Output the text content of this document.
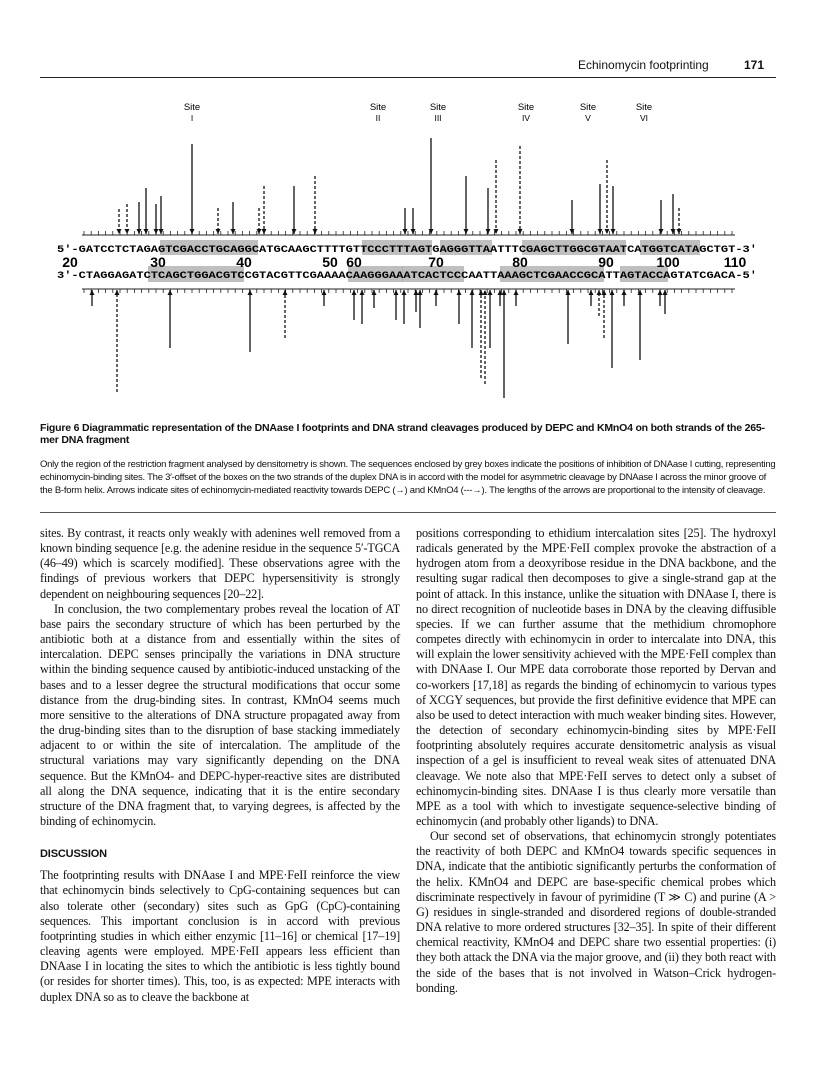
Echinomycin footprinting	171
Site
I
Site
II
Site
III
Site
IV
Site
V
Site
VI
5′-GATCCTCTAGAGTCGACCTGCAGGCATGCAAGCTTTTGTTCCCTTTAGTGAGGGTTAATTTCGAGCTTGGCGTAATCATGGTCATAGCTGT-3′
3′-CTAGGAGATCTCAGCTGGACGTCCGTACGTTCGAAAACAAGGGAAATCACTCCCAATTAAAGCTCGAACCGCATTAGTACCAGTATCGACA-5′
20	30	40	50 60	70	80	90	100	110
Figure 6 Diagrammatic representation of the DNAase I footprints and DNA strand cleavages produced by DEPC and KMnO4 on both strands of the 265-mer DNA fragment
Only the region of the restriction fragment analysed by densitometry is shown. The sequences enclosed by grey boxes indicate the positions of inhibition of DNAase I cutting, representing echinomycin-binding sites. The 3′-offset of the boxes on the two strands of the duplex DNA is in accord with the model for asymmetric cleavage by DNAase I across the minor groove of the B-form helix. Arrows indicate sites of echinomycin-mediated reactivity towards DEPC (→) and KMnO4 (---→). The lengths of the arrows are proportional to the intensity of cleavage.

sites. By contrast, it reacts only weakly with adenines well removed from a known binding sequence [e.g. the adenine residue in the sequence 5′-TGCA (46–49) which is scarcely modified]. These observations agree with the findings of previous workers that DEPC hypersensitivity is strongly dependent on neighbouring sequences [20–22].

In conclusion, the two complementary probes reveal the location of AT base pairs the secondary structure of which has been perturbed by the antibiotic both at a distance from and essentially within the sites of intercalation. DEPC senses principally the variations in DNA structure within the binding sequence caused by antibiotic-induced unstacking of the bases and to a lesser degree the structural modifications that occur some distance from the drug-binding sites. In contrast, KMnO4 seems much more sensitive to the alterations of DNA structure propagated away from the drug-binding sites than to the disruption of base stacking immediately adjacent to or within the site of intercalation. The amplitude of the structural variations may vary significantly depending on the DNA sequence. But the KMnO4- and DEPC-hyper-reactive sites are distributed all along the DNA sequence, indicating that it is the entire secondary structure of the DNA fragment that, to varying degrees, is affected by the binding of echinomycin.

DISCUSSION

The footprinting results with DNAase I and MPE·FeII reinforce the view that echinomycin binds selectively to CpG-containing sequences but can also tolerate other (secondary) sites such as GpG (CpC)-containing sequences. This important conclusion is in accord with previous footprinting studies in which either enzymic [11–16] or chemical [17–19] cleaving agents were employed. MPE·FeII appears less efficient than DNAase I in locating the sites to which the antibiotic is less tightly bound (or resides for shorter times). This, too, is as expected: MPE interacts with duplex DNA so as to cleave the backbone at

positions corresponding to ethidium intercalation sites [25]. The hydroxyl radicals generated by the MPE·FeII complex provoke the abstraction of a hydrogen atom from a deoxyribose residue in the DNA backbone, and the resulting sugar radical then decomposes to give a single-strand gap at the point of attack. In this instance, unlike the situation with DNAase I, there is no direct recognition of nucleotide bases in DNA by the cleaving diffusible species. If we can further assume that the methidium chromophore competes directly with echinomycin in order to intercalate into DNA, this will explain the lower sensitivity achieved with the MPE·FeII complex than with DNAase I. Our MPE data corroborate those reported by Dervan and co-workers [17,18] as regards the binding of echinomycin to various types of XCGY sequences, but provide the first definitive evidence that MPE can also be used to detect interaction with much weaker binding sites. However, the detection of secondary echinomycin-binding sites by MPE·FeII footprinting absolutely requires accurate densitometric analysis as visual inspection of a gel is insufficient to reveal weak sites of attenuated DNA cleavage. We note also that MPE·FeII serves to detect only a subset of echinomycin-binding sites. DNAase I is thus clearly more versatile than MPE as a tool with which to investigate sequence-selective binding of echinomycin (and probably other ligands) to DNA.

Our second set of observations, that echinomycin strongly potentiates the reactivity of both DEPC and KMnO4 towards specific sequences in DNA, indicate that the antibiotic significantly perturbs the conformation of the helix. KMnO4 and DEPC are base-specific chemical probes which discriminate respectively in favour of pyrimidine (T ≫ C) and purine (A > G) residues in single-stranded and disordered regions of double-stranded DNA relative to more ordered structures [32–35]. In spite of their different chemical reactivity, KMnO4 and DEPC share two essential properties: (i) they both attack the DNA via the major groove, and (ii) they both react with the side of the bases that is not involved in Watson–Crick hydrogen-bonding.
